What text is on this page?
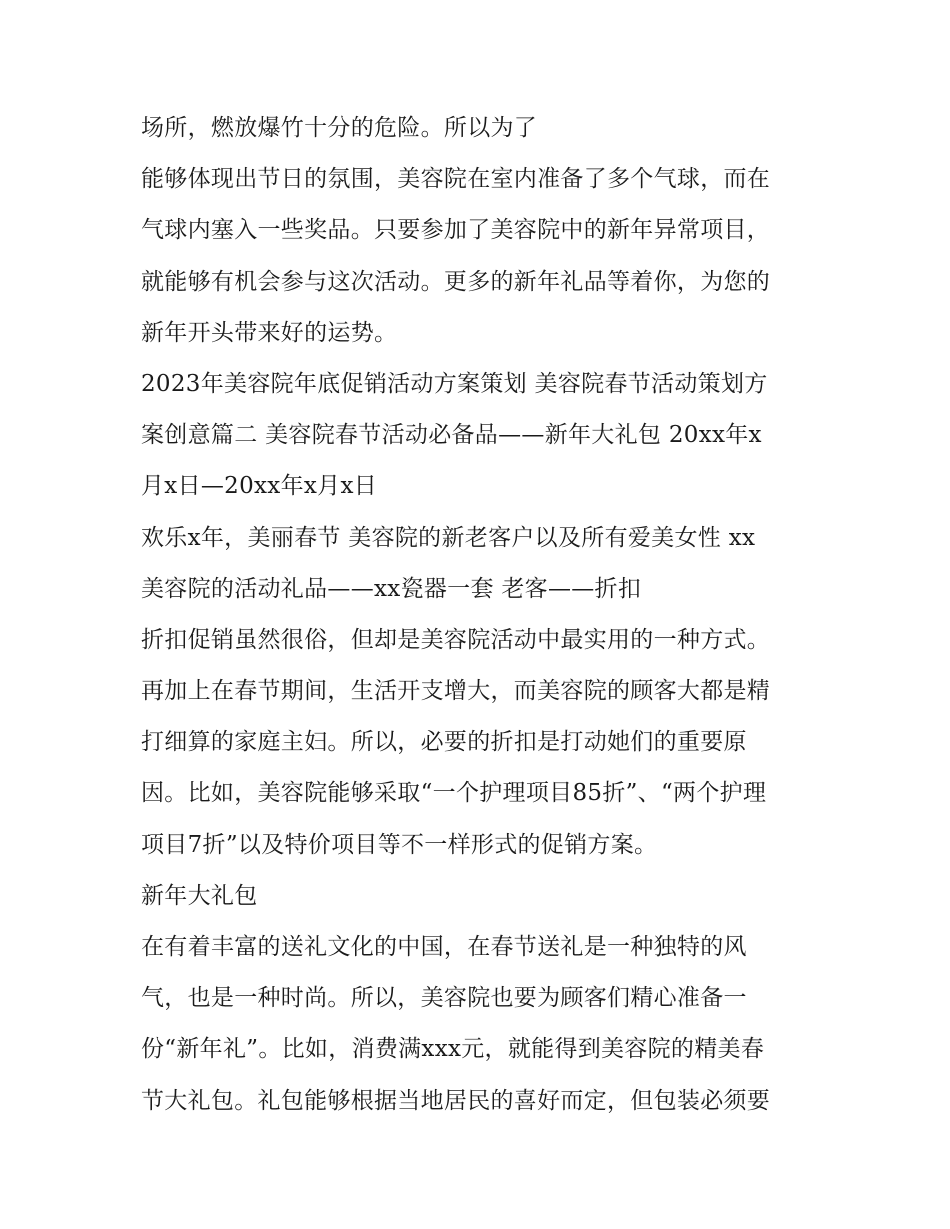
场所，燃放爆竹十分的危险。所以为了
能够体现出节日的氛围，美容院在室内准备了多个气球，而在
气球内塞入一些奖品。只要参加了美容院中的新年异常项目，
就能够有机会参与这次活动。更多的新年礼品等着你，为您的
新年开头带来好的运势。
2023年美容院年底促销活动方案策划 美容院春节活动策划方
案创意篇二 美容院春节活动必备品——新年大礼包 20xx年x
月x日—20xx年x月x日
欢乐x年，美丽春节 美容院的新老客户以及所有爱美女性 xx
美容院的活动礼品——xx瓷器一套 老客——折扣
折扣促销虽然很俗，但却是美容院活动中最实用的一种方式。
再加上在春节期间，生活开支增大，而美容院的顾客大都是精
打细算的家庭主妇。所以，必要的折扣是打动她们的重要原
因。比如，美容院能够采取“一个护理项目85折”、“两个护理
项目7折”以及特价项目等不一样形式的促销方案。
新年大礼包
在有着丰富的送礼文化的中国，在春节送礼是一种独特的风
气，也是一种时尚。所以，美容院也要为顾客们精心准备一
份“新年礼”。比如，消费满xxx元，就能得到美容院的精美春
节大礼包。礼包能够根据当地居民的喜好而定，但包装必须要
